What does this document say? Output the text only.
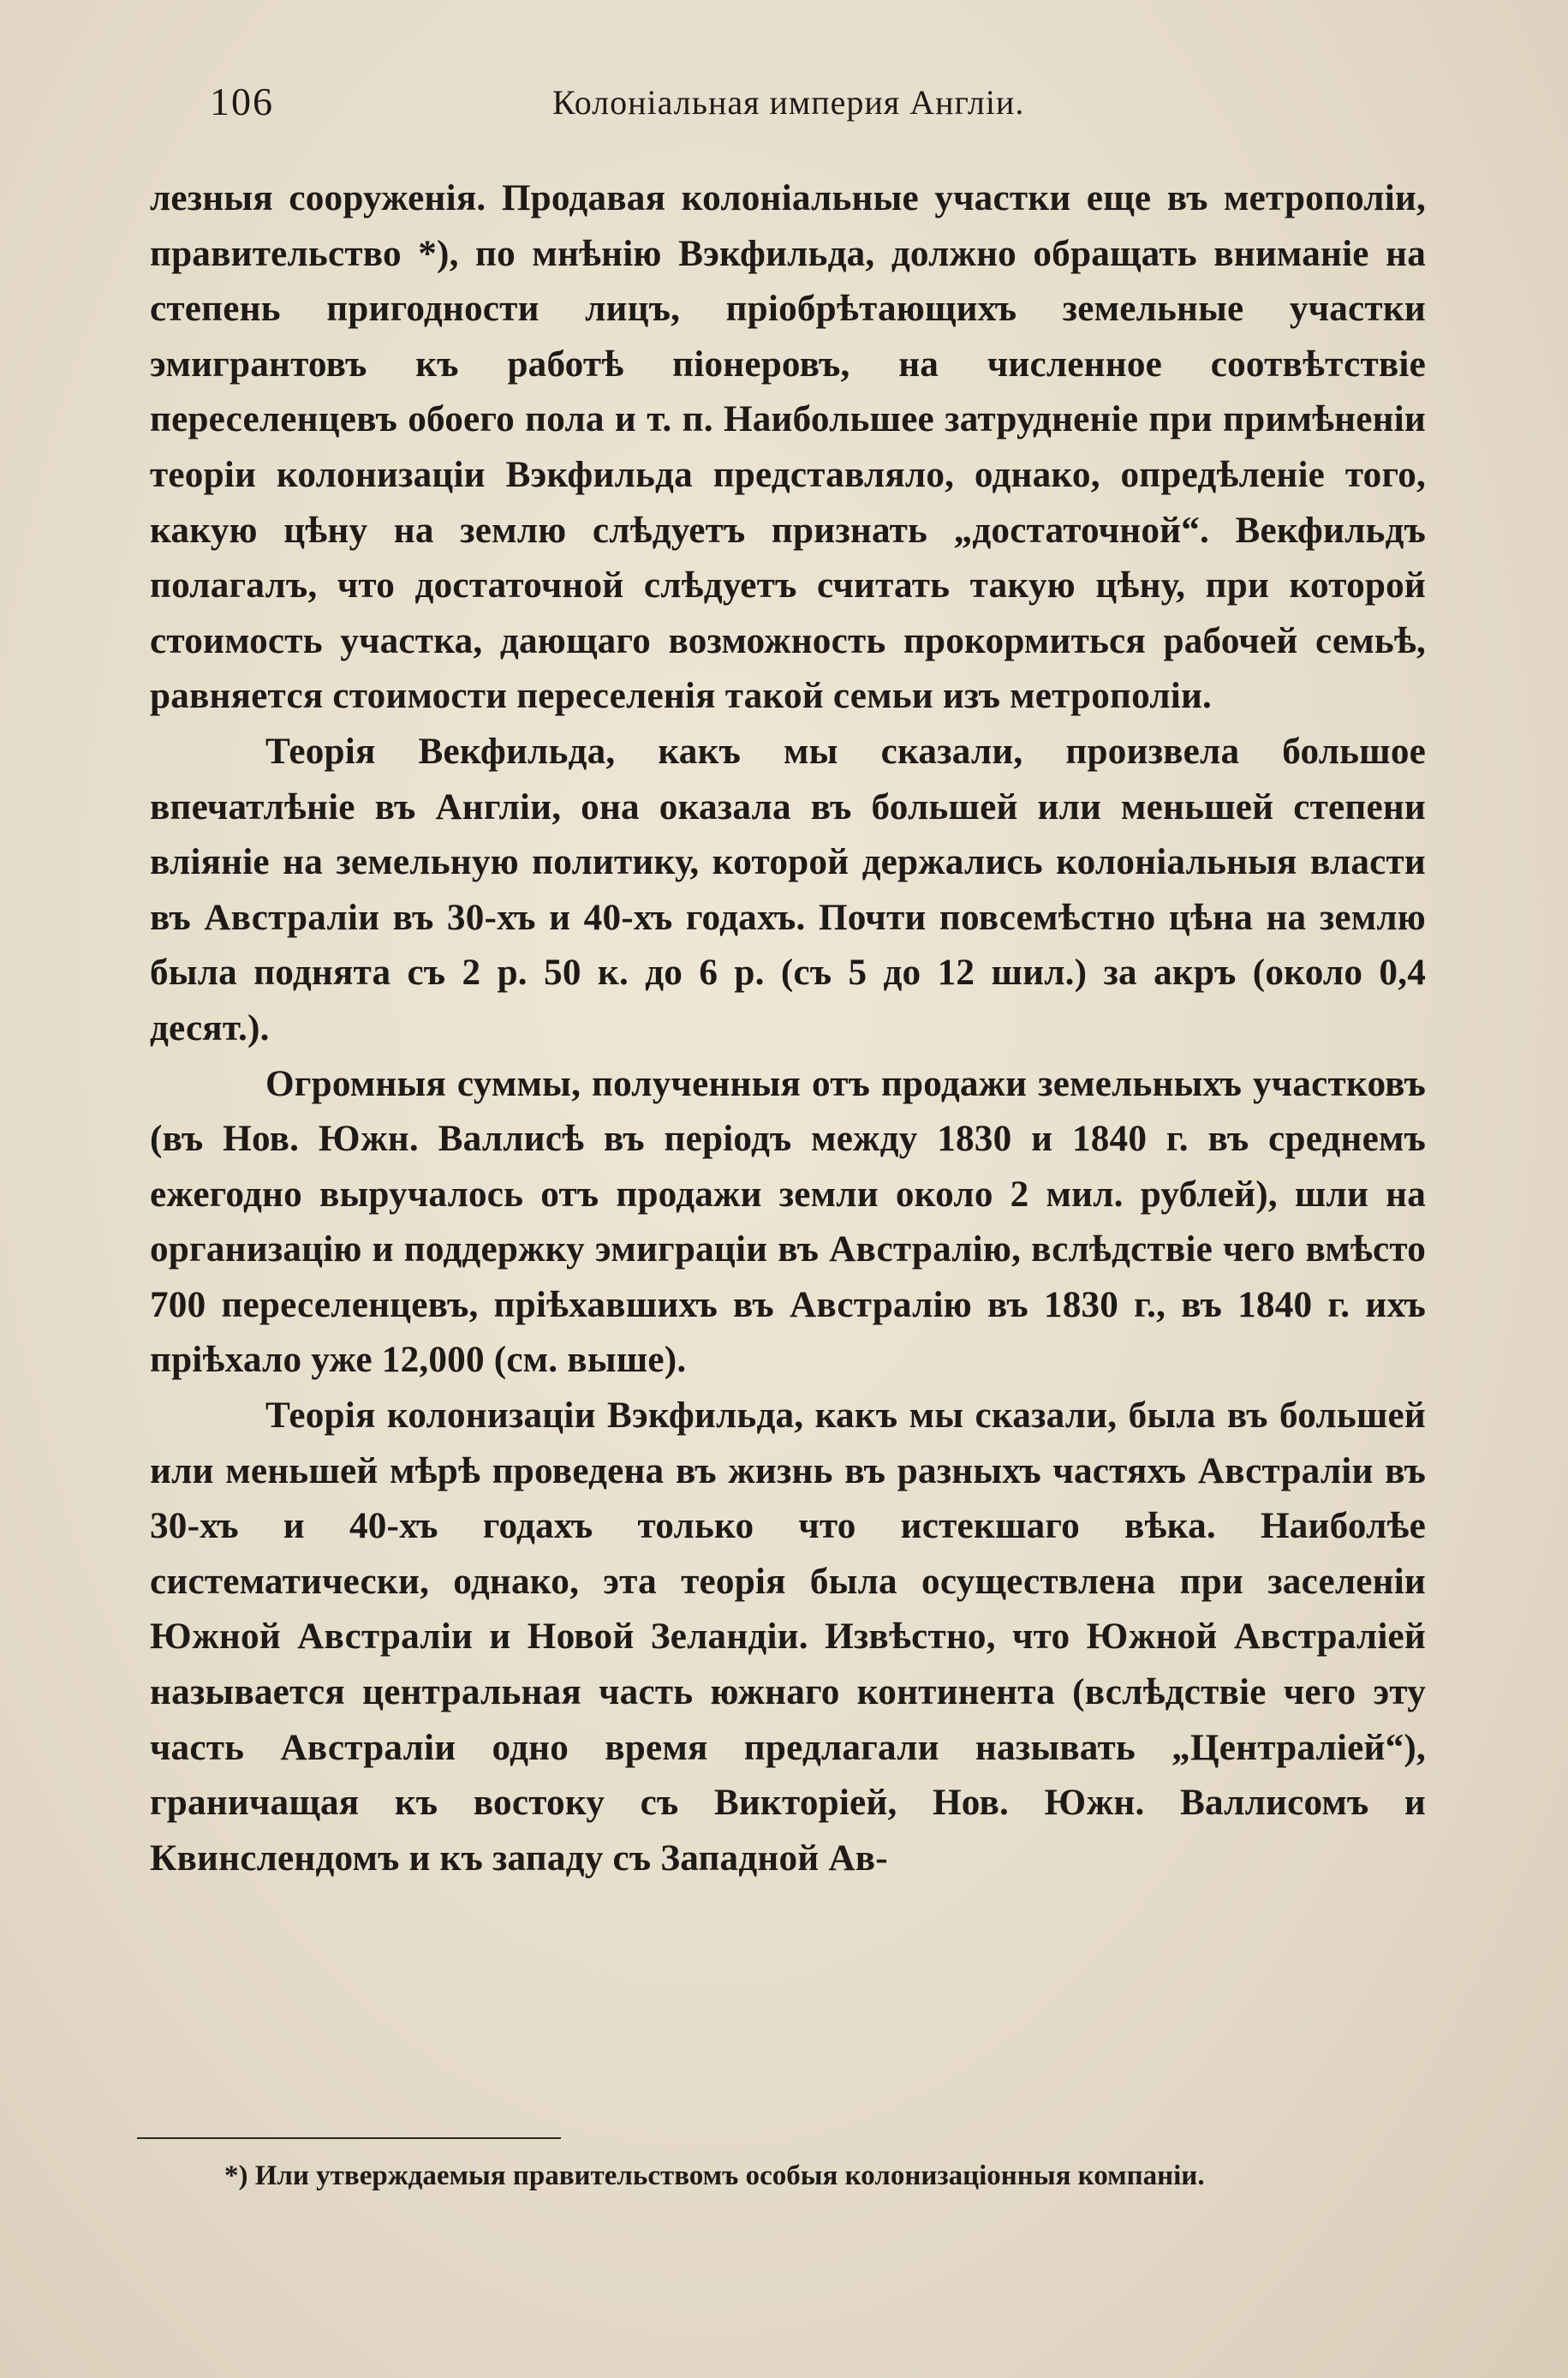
106	Колонiальная империя Англiи.

лезныя сооруженiя. Продавая колонiальные участки еще въ метрополiи, правительство *), по мнѣнiю Вэкфильда, должно обращать вниманiе на степень пригодности лицъ, прiобрѣтающихъ земельные участки эмигрантовъ къ работѣ пiонеровъ, на численное соотвѣтствiе переселенцевъ обоего пола и т. п. Наибольшее затрудненiе при примѣненiи теорiи колонизацiи Вэкфильда представляло, однако, опредѣленiе того, какую цѣну на землю слѣдуетъ признать „достаточной“. Векфильдъ полагалъ, что достаточной слѣдуетъ считать такую цѣну, при которой стоимость участка, дающаго возможность прокормиться рабочей семьѣ, равняется стоимости переселенiя такой семьи изъ метрополiи.

Теорiя Векфильда, какъ мы сказали, произвела большое впечатлѣнiе въ Англiи, она оказала въ большей или меньшей степени влiянiе на земельную политику, которой держались колонiальныя власти въ Австралiи въ 30-хъ и 40-хъ годахъ. Почти повсемѣстно цѣна на землю была поднята съ 2 р. 50 к. до 6 р. (съ 5 до 12 шил.) за акръ (около 0,4 десят.).

Огромныя суммы, полученныя отъ продажи земельныхъ участковъ (въ Нов. Южн. Валлисѣ въ перiодъ между 1830 и 1840 г. въ среднемъ ежегодно выручалось отъ продажи земли около 2 мил. рублей), шли на организацiю и поддержку эмиграцiи въ Австралiю, вслѣдствiе чего вмѣсто 700 переселенцевъ, прiѣхавшихъ въ Австралiю въ 1830 г., въ 1840 г. ихъ прiѣхало уже 12,000 (см. выше).

Теорiя колонизацiи Вэкфильда, какъ мы сказали, была въ большей или меньшей мѣрѣ проведена въ жизнь въ разныхъ частяхъ Австралiи въ 30-хъ и 40-хъ годахъ только что истекшаго вѣка. Наиболѣе систематически, однако, эта теорiя была осуществлена при заселенiи Южной Австралiи и Новой Зеландiи. Извѣстно, что Южной Австралiей называется центральная часть южнаго континента (вслѣдствiе чего эту часть Австралiи одно время предлагали называть „Централiей“), граничащая къ востоку съ Викторiей, Нов. Южн. Валлисомъ и Квинслендомъ и къ западу съ Западной Ав-

*) Или утверждаемыя правительствомъ особыя колонизацiонныя компанiи.
